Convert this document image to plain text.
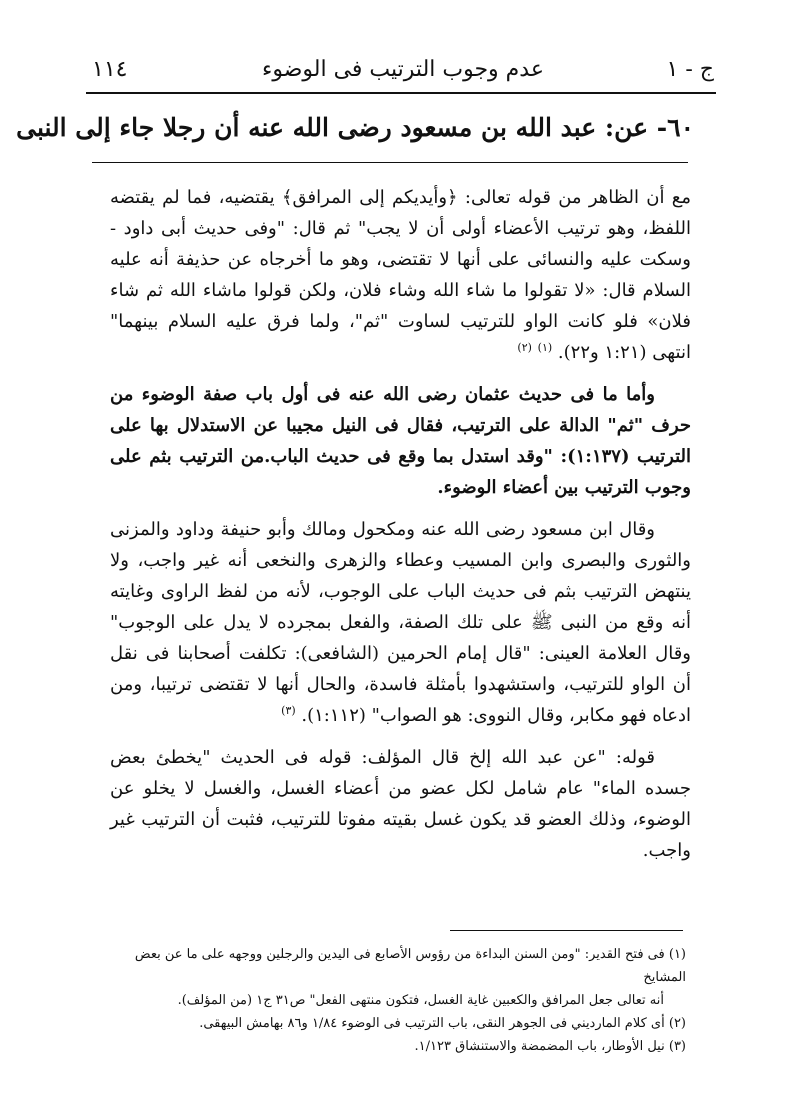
ج - ١
عدم وجوب الترتيب فى الوضوء
١١٤
٦٠- عن: عبد الله بن مسعود رضى الله عنه أن رجلا جاء إلى النبى

مع أن الظاهر من قوله تعالى: ﴿وأيديكم إلى المرافق﴾ يقتضيه، فما لم يقتضه اللفظ، وهو ترتيب الأعضاء أولى أن لا يجب" ثم قال: "وفى حديث أبى داود - وسكت عليه والنسائى على أنها لا تقتضى، وهو ما أخرجاه عن حذيفة أنه عليه السلام قال: «لا تقولوا ما شاء الله وشاء فلان، ولكن قولوا ماشاء الله ثم شاء فلان» فلو كانت الواو للترتيب لساوت "ثم"، ولما فرق عليه السلام بينهما" انتهى (١:٢١ و٢٢). $^{(١)}$ $^{(٢)}$

وأما ما فى حديث عثمان رضى الله عنه فى أول باب صفة الوضوء من حرف "ثم" الدالة على الترتيب، فقال فى النيل مجيبا عن الاستدلال بها على الترتيب (١:١٣٧): "وقد استدل بما وقع فى حديث الباب.من الترتيب بثم على وجوب الترتيب بين أعضاء الوضوء.

وقال ابن مسعود رضى الله عنه ومكحول ومالك وأبو حنيفة وداود والمزنى والثورى والبصرى وابن المسيب وعطاء والزهرى والنخعى أنه غير واجب، ولا ينتهض الترتيب بثم فى حديث الباب على الوجوب، لأنه من لفظ الراوى وغايته أنه وقع من النبى ﷺ على تلك الصفة، والفعل بمجرده لا يدل على الوجوب" وقال العلامة العينى: "قال إمام الحرمين (الشافعى): تكلفت أصحابنا فى نقل أن الواو للترتيب، واستشهدوا بأمثلة فاسدة، والحال أنها لا تقتضى ترتيبا، ومن ادعاه فهو مكابر، وقال النووى: هو الصواب" (١:١١٢). $^{(٣)}$

قوله: "عن عبد الله إلخ قال المؤلف: قوله فى الحديث "يخطئ بعض جسده الماء" عام شامل لكل عضو من أعضاء الغسل، والغسل لا يخلو عن الوضوء، وذلك العضو قد يكون غسل بقيته مفوتا للترتيب، فثبت أن الترتيب غير واجب.

(١) فى فتح القدير: "ومن السنن البداءة من رؤوس الأصابع فى اليدين والرجلين ووجهه على ما عن بعض المشايخ
أنه تعالى جعل المرافق والكعبين غاية الغسل، فتكون منتهى الفعل" ص٣١ ج١ (من المؤلف).
(٢) أى كلام المارديني فى الجوهر النقى، باب الترتيب فى الوضوء ١/٨٤ و٨٦ بهامش البيهقى.
(٣) نيل الأوطار، باب المضمضة والاستنشاق ١/١٢٣.
